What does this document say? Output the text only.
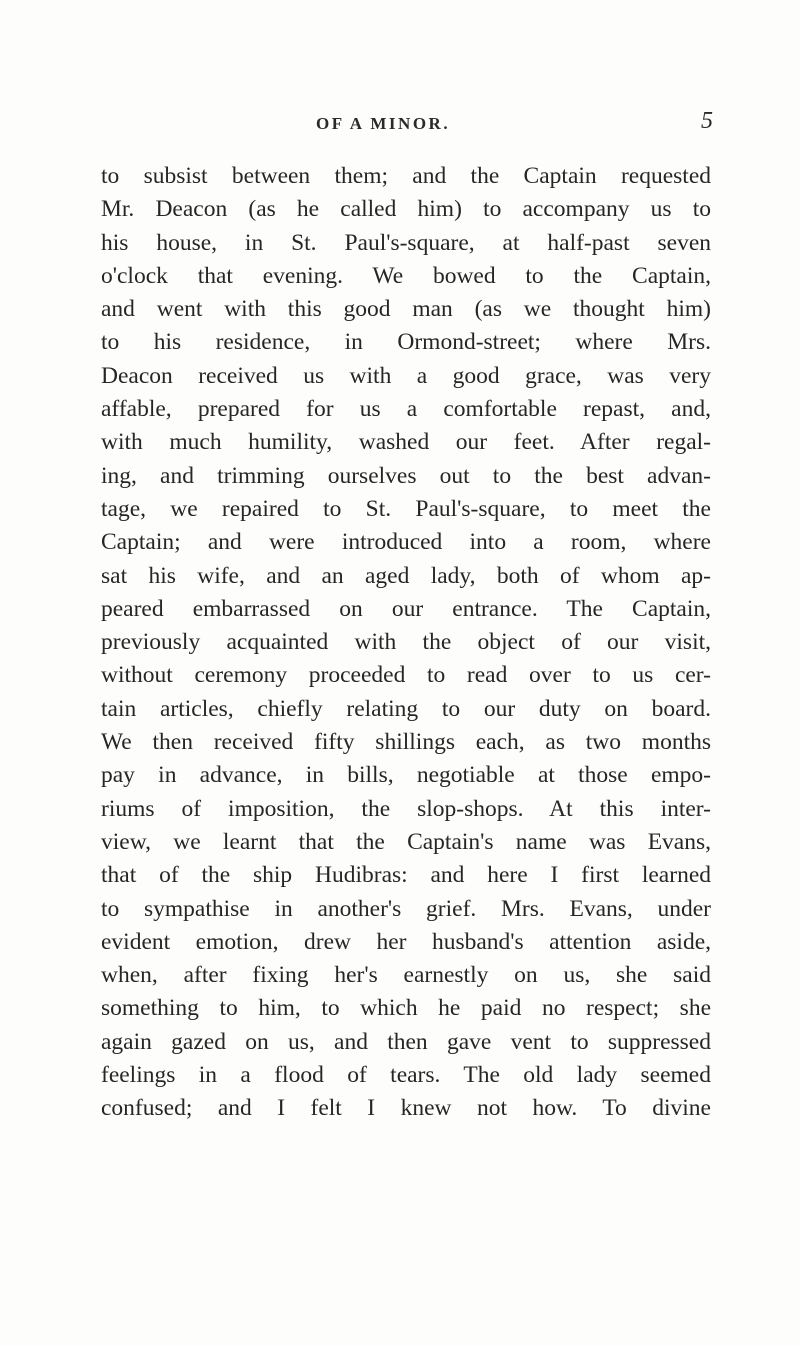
OF A MINOR.	5
to subsist between them; and the Captain requested
Mr. Deacon (as he called him) to accompany us to
his house, in St. Paul's-square, at half-past seven
o'clock that evening. We bowed to the Captain,
and went with this good man (as we thought him)
to his residence, in Ormond-street; where Mrs.
Deacon received us with a good grace, was very
affable, prepared for us a comfortable repast, and,
with much humility, washed our feet. After regal-
ing, and trimming ourselves out to the best advan-
tage, we repaired to St. Paul's-square, to meet the
Captain; and were introduced into a room, where
sat his wife, and an aged lady, both of whom ap-
peared embarrassed on our entrance. The Captain,
previously acquainted with the object of our visit,
without ceremony proceeded to read over to us cer-
tain articles, chiefly relating to our duty on board.
We then received fifty shillings each, as two months
pay in advance, in bills, negotiable at those empo-
riums of imposition, the slop-shops. At this inter-
view, we learnt that the Captain's name was Evans,
that of the ship Hudibras: and here I first learned
to sympathise in another's grief. Mrs. Evans, under
evident emotion, drew her husband's attention aside,
when, after fixing her's earnestly on us, she said
something to him, to which he paid no respect; she
again gazed on us, and then gave vent to suppressed
feelings in a flood of tears. The old lady seemed
confused; and I felt I knew not how. To divine
